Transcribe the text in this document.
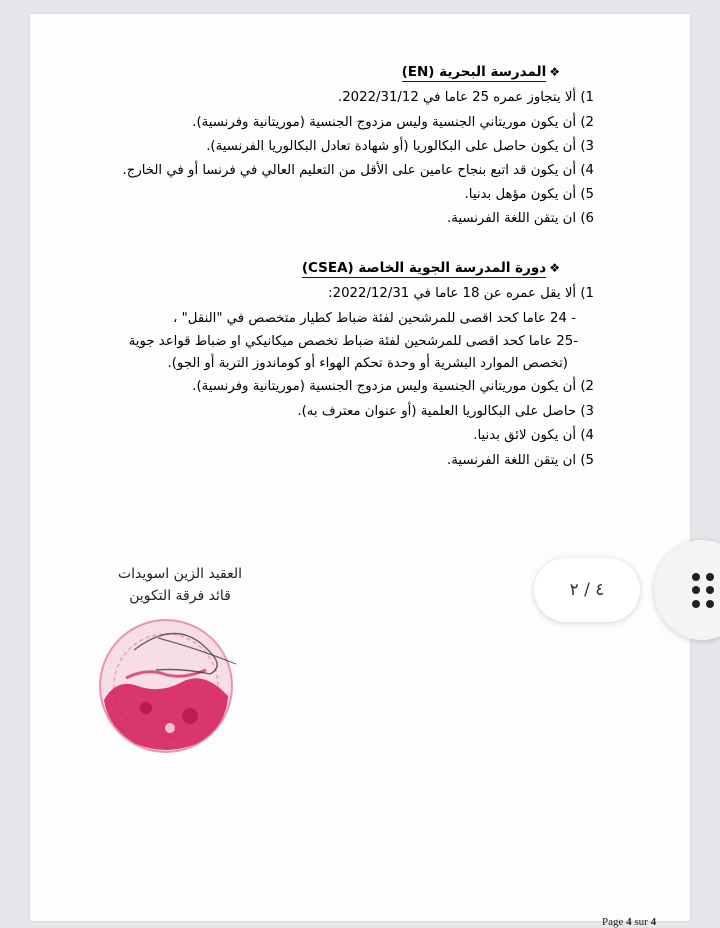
❖المدرسة البحرية (EN)
1) ألا يتجاوز عمره 25 عاما في 2022/31/12.
2) أن يكون موريتاني الجنسية وليس مزدوج الجنسية (موريتانية وفرنسية).
3) أن يكون حاصل على البكالوريا (أو شهادة تعادل البكالوريا الفرنسية).
4) أن يكون قد اتبع بنجاح عامين على الأقل من التعليم العالي في فرنسا أو في الخارج.
5) أن يكون مؤهل بدنيا.
6) ان يتقن اللغة الفرنسية.
❖دورة المدرسة الجوية الخاصة (CSEA)
1) ألا يقل عمره عن 18 عاما في 2022/12/31:
- 24 عاما كحد اقصى للمرشحين لفئة ضباط كطيار متخصص في "النقل" ،
-25 عاما كحد اقصى للمرشحين لفئة ضباط تخصص ميكانيكي او ضباط قواعد جوية
(تخصص الموارد البشرية أو وحدة تحكم الهواء أو كوماندوز التربة أو الجو).
2) أن يكون موريتاني الجنسية وليس مزدوج الجنسية (موريتانية وفرنسية).
3) حاصل على البكالوريا العلمية (أو عنوان معترف به).
4) أن يكون لائق بدنيا.
5) ان يتقن اللغة الفرنسية.
العقيد الزين اسويدات
قائد فرقة التكوين
Page 4 sur 4
٤ / ٢
